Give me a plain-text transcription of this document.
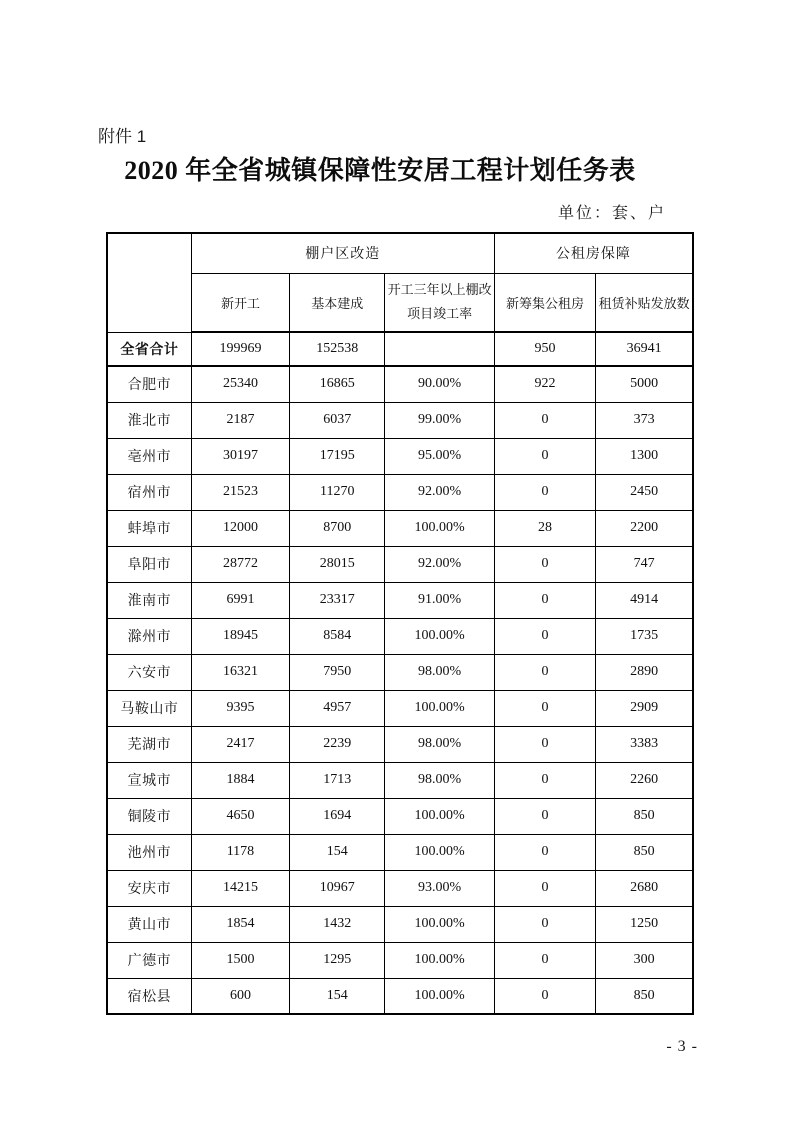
附件 1
2020 年全省城镇保障性安居工程计划任务表
单位：套、户
	棚户区改造			公租房保障	
	新开工	基本建成	开工三年以上棚改项目竣工率	新筹集公租房	租赁补贴发放数
全省合计	199969	152538		950	36941
合肥市	25340	16865	90.00%	922	5000
淮北市	2187	6037	99.00%	0	373
亳州市	30197	17195	95.00%	0	1300
宿州市	21523	11270	92.00%	0	2450
蚌埠市	12000	8700	100.00%	28	2200
阜阳市	28772	28015	92.00%	0	747
淮南市	6991	23317	91.00%	0	4914
滁州市	18945	8584	100.00%	0	1735
六安市	16321	7950	98.00%	0	2890
马鞍山市	9395	4957	100.00%	0	2909
芜湖市	2417	2239	98.00%	0	3383
宣城市	1884	1713	98.00%	0	2260
铜陵市	4650	1694	100.00%	0	850
池州市	1178	154	100.00%	0	850
安庆市	14215	10967	93.00%	0	2680
黄山市	1854	1432	100.00%	0	1250
广德市	1500	1295	100.00%	0	300
宿松县	600	154	100.00%	0	850
- 3 -
